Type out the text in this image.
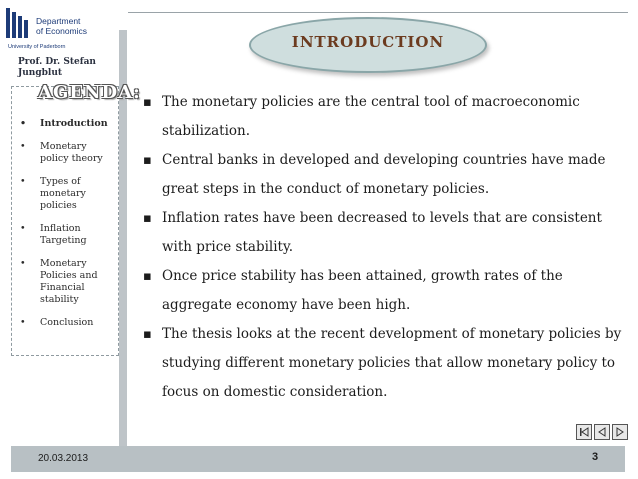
Department
of Economics
University of Paderborn
Prof. Dr. Stefan
Jungblut
AGENDA:
• Introduction
• Monetary policy theory
• Types of monetary policies
• Inflation Targeting
• Monetary Policies and Financial stability
• Conclusion
INTRODUCTION
▪ The monetary policies are the central tool of macroeconomic stabilization.
▪ Central banks in developed and developing countries have made great steps in the conduct of monetary policies.
▪ Inflation rates have been decreased to levels that are consistent with price stability.
▪ Once price stability has been attained, growth rates of the aggregate economy have been high.
▪ The thesis looks at the recent development of monetary policies by studying different monetary policies that allow monetary policy to focus on domestic consideration.
20.03.2013	3
